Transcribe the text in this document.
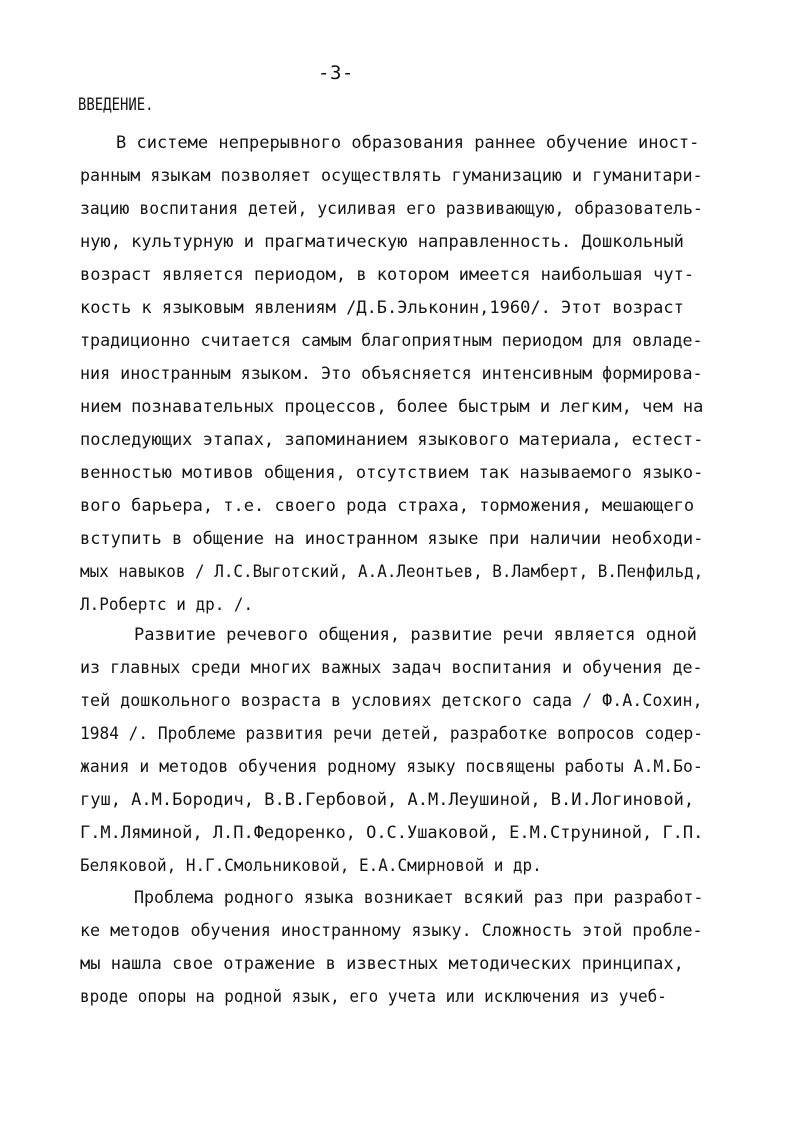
-3-
ВВЕДЕНИЕ.
В системе непрерывного образования раннее обучение иност-
ранным языкам позволяет осуществлять гуманизацию и гуманитари-
зацию воспитания детей, усиливая его развивающую, образователь-
ную, культурную и прагматическую направленность. Дошкольный
возраст является периодом, в котором имеется наибольшая чут-
кость к языковым явлениям /Д.Б.Эльконин,1960/. Этот возраст
традиционно считается самым благоприятным периодом для овладе-
ния иностранным языком. Это объясняется интенсивным формирова-
нием познавательных процессов, более быстрым и легким, чем на
последующих этапах, запоминанием языкового материала, естест-
венностью мотивов общения, отсутствием так называемого языко-
вого барьера, т.е. своего рода страха, торможения, мешающего
вступить в общение на иностранном языке при наличии необходи-
мых навыков / Л.С.Выготский, А.А.Леонтьев, В.Ламберт, В.Пенфильд,
Л.Робертс и др. /.
Развитие речевого общения, развитие речи является одной
из главных среди многих важных задач воспитания и обучения де-
тей дошкольного возраста в условиях детского сада / Ф.А.Сохин,
1984 /. Проблеме развития речи детей, разработке вопросов содер-
жания и методов обучения родному языку посвящены работы А.М.Бо-
гуш, А.М.Бородич, В.В.Гербовой, А.М.Леушиной, В.И.Логиновой,
Г.М.Ляминой, Л.П.Федоренко, О.С.Ушаковой, Е.М.Струниной, Г.П.
Беляковой, Н.Г.Смольниковой, Е.А.Смирновой и др.
Проблема родного языка возникает всякий раз при разработ-
ке методов обучения иностранному языку. Сложность этой пробле-
мы нашла свое отражение в известных методических принципах,
вроде опоры на родной язык, его учета или исключения из учеб-
